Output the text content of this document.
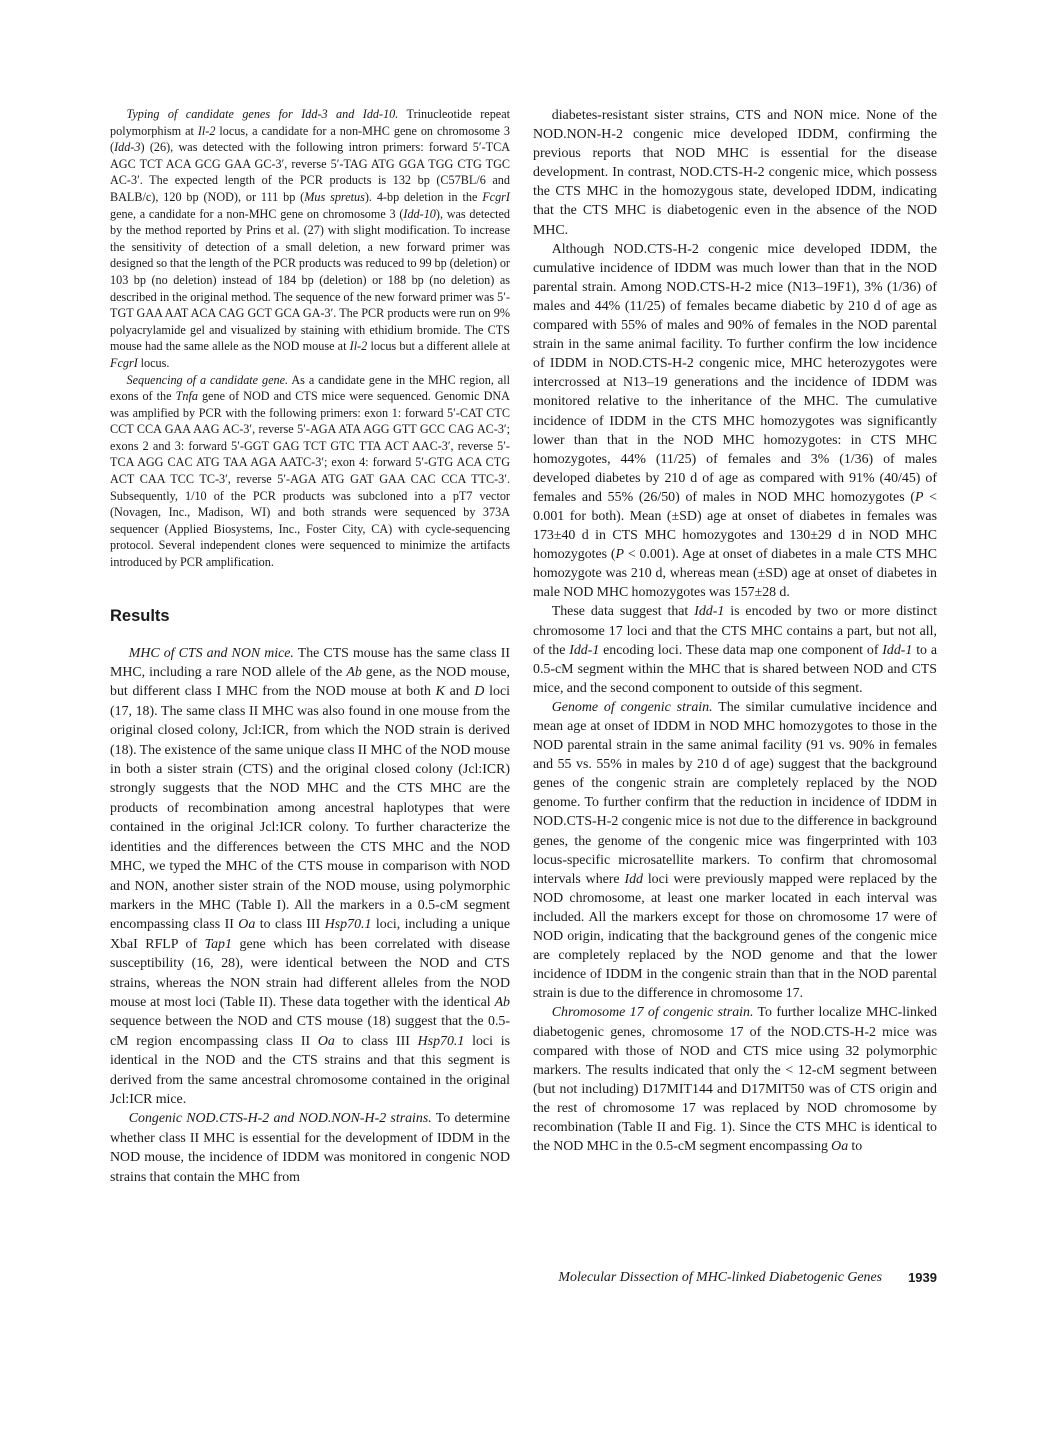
Typing of candidate genes for Idd-3 and Idd-10. Trinucleotide repeat polymorphism at Il-2 locus, a candidate for a non-MHC gene on chromosome 3 (Idd-3) (26), was detected with the following intron primers: forward 5′-TCA AGC TCT ACA GCG GAA GC-3′, reverse 5′-TAG ATG GGA TGG CTG TGC AC-3′. The expected length of the PCR products is 132 bp (C57BL/6 and BALB/c), 120 bp (NOD), or 111 bp (Mus spretus). 4-bp deletion in the FcgrI gene, a candidate for a non-MHC gene on chromosome 3 (Idd-10), was detected by the method reported by Prins et al. (27) with slight modification. To increase the sensitivity of detection of a small deletion, a new forward primer was designed so that the length of the PCR products was reduced to 99 bp (deletion) or 103 bp (no deletion) instead of 184 bp (deletion) or 188 bp (no deletion) as described in the original method. The sequence of the new forward primer was 5′-TGT GAA AAT ACA CAG GCT GCA GA-3′. The PCR products were run on 9% polyacrylamide gel and visualized by staining with ethidium bromide. The CTS mouse had the same allele as the NOD mouse at Il-2 locus but a different allele at FcgrI locus.

Sequencing of a candidate gene. As a candidate gene in the MHC region, all exons of the Tnfa gene of NOD and CTS mice were sequenced. Genomic DNA was amplified by PCR with the following primers: exon 1: forward 5′-CAT CTC CCT CCA GAA AAG AC-3′, reverse 5′-AGA ATA AGG GTT GCC CAG AC-3′; exons 2 and 3: forward 5′-GGT GAG TCT GTC TTA ACT AAC-3′, reverse 5′-TCA AGG CAC ATG TAA AGA AATC-3′; exon 4: forward 5′-GTG ACA CTG ACT CAA TCC TC-3′, reverse 5′-AGA ATG GAT GAA CAC CCA TTC-3′. Subsequently, 1/10 of the PCR products was subcloned into a pT7 vector (Novagen, Inc., Madison, WI) and both strands were sequenced by 373A sequencer (Applied Biosystems, Inc., Foster City, CA) with cycle-sequencing protocol. Several independent clones were sequenced to minimize the artifacts introduced by PCR amplification.

Results

MHC of CTS and NON mice. The CTS mouse has the same class II MHC, including a rare NOD allele of the Ab gene, as the NOD mouse, but different class I MHC from the NOD mouse at both K and D loci (17, 18). The same class II MHC was also found in one mouse from the original closed colony, Jcl:ICR, from which the NOD strain is derived (18). The existence of the same unique class II MHC of the NOD mouse in both a sister strain (CTS) and the original closed colony (Jcl:ICR) strongly suggests that the NOD MHC and the CTS MHC are the products of recombination among ancestral haplotypes that were contained in the original Jcl:ICR colony. To further characterize the identities and the differences between the CTS MHC and the NOD MHC, we typed the MHC of the CTS mouse in comparison with NOD and NON, another sister strain of the NOD mouse, using polymorphic markers in the MHC (Table I). All the markers in a 0.5-cM segment encompassing class II Oa to class III Hsp70.1 loci, including a unique XbaI RFLP of Tap1 gene which has been correlated with disease susceptibility (16, 28), were identical between the NOD and CTS strains, whereas the NON strain had different alleles from the NOD mouse at most loci (Table II). These data together with the identical Ab sequence between the NOD and CTS mouse (18) suggest that the 0.5-cM region encompassing class II Oa to class III Hsp70.1 loci is identical in the NOD and the CTS strains and that this segment is derived from the same ancestral chromosome contained in the original Jcl:ICR mice.

Congenic NOD.CTS-H-2 and NOD.NON-H-2 strains. To determine whether class II MHC is essential for the development of IDDM in the NOD mouse, the incidence of IDDM was monitored in congenic NOD strains that contain the MHC from

diabetes-resistant sister strains, CTS and NON mice. None of the NOD.NON-H-2 congenic mice developed IDDM, confirming the previous reports that NOD MHC is essential for the disease development. In contrast, NOD.CTS-H-2 congenic mice, which possess the CTS MHC in the homozygous state, developed IDDM, indicating that the CTS MHC is diabetogenic even in the absence of the NOD MHC.

Although NOD.CTS-H-2 congenic mice developed IDDM, the cumulative incidence of IDDM was much lower than that in the NOD parental strain. Among NOD.CTS-H-2 mice (N13–19F1), 3% (1/36) of males and 44% (11/25) of females became diabetic by 210 d of age as compared with 55% of males and 90% of females in the NOD parental strain in the same animal facility. To further confirm the low incidence of IDDM in NOD.CTS-H-2 congenic mice, MHC heterozygotes were intercrossed at N13–19 generations and the incidence of IDDM was monitored relative to the inheritance of the MHC. The cumulative incidence of IDDM in the CTS MHC homozygotes was significantly lower than that in the NOD MHC homozygotes: in CTS MHC homozygotes, 44% (11/25) of females and 3% (1/36) of males developed diabetes by 210 d of age as compared with 91% (40/45) of females and 55% (26/50) of males in NOD MHC homozygotes (P < 0.001 for both). Mean (±SD) age at onset of diabetes in females was 173±40 d in CTS MHC homozygotes and 130±29 d in NOD MHC homozygotes (P < 0.001). Age at onset of diabetes in a male CTS MHC homozygote was 210 d, whereas mean (±SD) age at onset of diabetes in male NOD MHC homozygotes was 157±28 d.

These data suggest that Idd-1 is encoded by two or more distinct chromosome 17 loci and that the CTS MHC contains a part, but not all, of the Idd-1 encoding loci. These data map one component of Idd-1 to a 0.5-cM segment within the MHC that is shared between NOD and CTS mice, and the second component to outside of this segment.

Genome of congenic strain. The similar cumulative incidence and mean age at onset of IDDM in NOD MHC homozygotes to those in the NOD parental strain in the same animal facility (91 vs. 90% in females and 55 vs. 55% in males by 210 d of age) suggest that the background genes of the congenic strain are completely replaced by the NOD genome. To further confirm that the reduction in incidence of IDDM in NOD.CTS-H-2 congenic mice is not due to the difference in background genes, the genome of the congenic mice was fingerprinted with 103 locus-specific microsatellite markers. To confirm that chromosomal intervals where Idd loci were previously mapped were replaced by the NOD chromosome, at least one marker located in each interval was included. All the markers except for those on chromosome 17 were of NOD origin, indicating that the background genes of the congenic mice are completely replaced by the NOD genome and that the lower incidence of IDDM in the congenic strain than that in the NOD parental strain is due to the difference in chromosome 17.

Chromosome 17 of congenic strain. To further localize MHC-linked diabetogenic genes, chromosome 17 of the NOD.CTS-H-2 mice was compared with those of NOD and CTS mice using 32 polymorphic markers. The results indicated that only the < 12-cM segment between (but not including) D17MIT144 and D17MIT50 was of CTS origin and the rest of chromosome 17 was replaced by NOD chromosome by recombination (Table II and Fig. 1). Since the CTS MHC is identical to the NOD MHC in the 0.5-cM segment encompassing Oa to

Molecular Dissection of MHC-linked Diabetogenic Genes 1939
